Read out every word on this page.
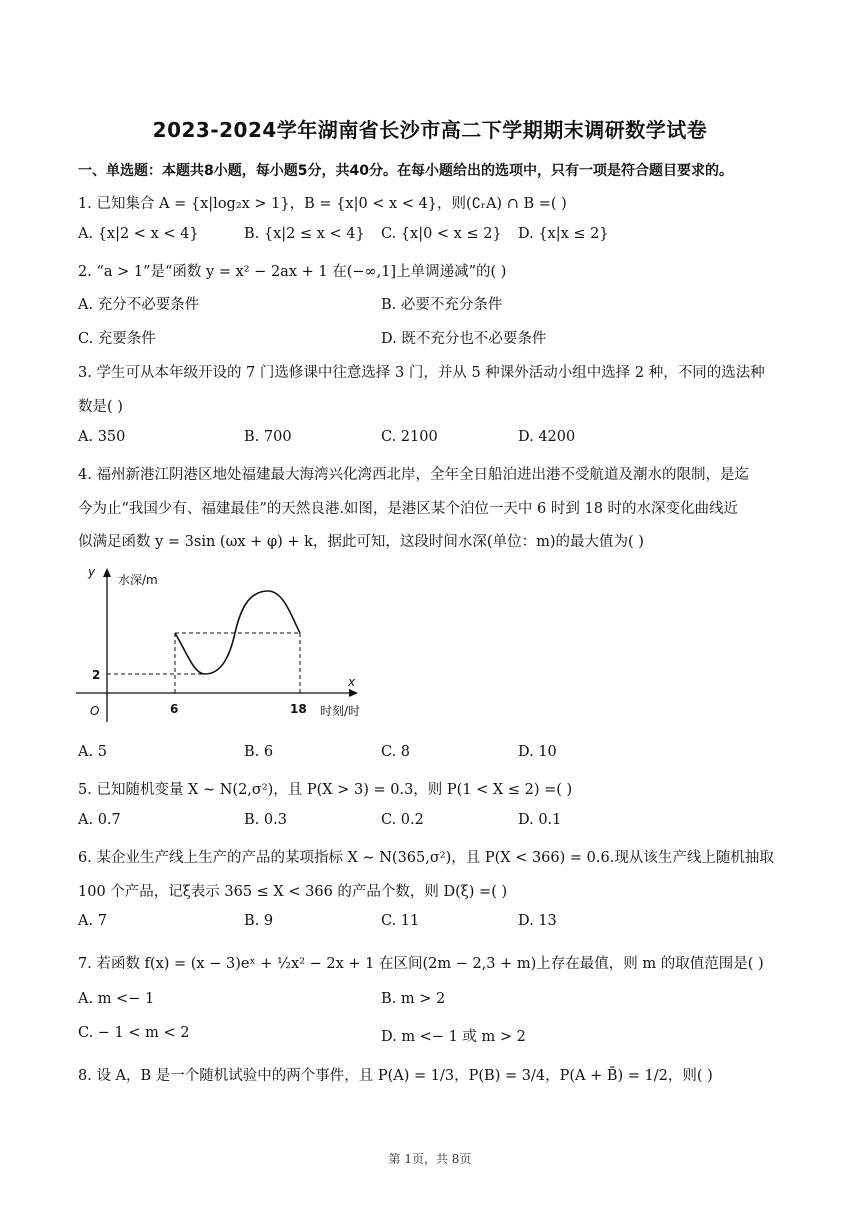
2023-2024学年湖南省长沙市高二下学期期末调研数学试卷
一、单选题：本题共8小题，每小题5分，共40分。在每小题给出的选项中，只有一项是符合题目要求的。
1. 已知集合 A = {x|log₂x > 1}，B = {x|0 < x < 4}，则(∁ᵣA) ∩ B =( )
A. {x|2 < x < 4}	B. {x|2 ≤ x < 4} C. {x|0 < x ≤ 2} D. {x|x ≤ 2}
2. “a > 1”是“函数 y = x² − 2ax + 1 在(−∞,1]上单调递减”的( )
A. 充分不必要条件	B. 必要不充分条件
C. 充要条件	D. 既不充分也不必要条件
3. 学生可从本年级开设的 7 门选修课中往意选择 3 门，并从 5 种课外活动小组中选择 2 种，不同的选法种
数是( )
A. 350	B. 700	C. 2100	D. 4200
4. 福州新港江阴港区地处福建最大海湾兴化湾西北岸，全年全日船泊进出港不受航道及潮水的限制，是迄
今为止“我国少有、福建最佳”的天然良港.如图，是港区某个泊位一天中 6 时到 18 时的水深变化曲线近
似满足函数 y = 3sin (ωx + φ) + k，据此可知，这段时间水深(单位：m)的最大值为( )
y
水深/m
x
时刻/时
O
2
6	18
A. 5	B. 6	C. 8	D. 10
5. 已知随机变量 X ∼ N(2,σ²)，且 P(X > 3) = 0.3，则 P(1 < X ≤ 2) =( )
A. 0.7	B. 0.3	C. 0.2	D. 0.1
6. 某企业生产线上生产的产品的某项指标 X ∼ N(365,σ²)，且 P(X < 366) = 0.6.现从该生产线上随机抽取
100 个产品，记ξ表示 365 ≤ X < 366 的产品个数，则 D(ξ) =( )
A. 7	B. 9	C. 11	D. 13
7. 若函数 f(x) = (x − 3)eˣ + ½x² − 2x + 1 在区间(2m − 2,3 + m)上存在最值，则 m 的取值范围是( )
A. m <− 1	B. m > 2
C. − 1 < m < 2	D. m <− 1 或 m > 2
8. 设 A，B 是一个随机试验中的两个事件，且 P(A) = 1/3，P(B) = 3/4，P(A + B̄) = 1/2，则( )
第 1页，共 8页
